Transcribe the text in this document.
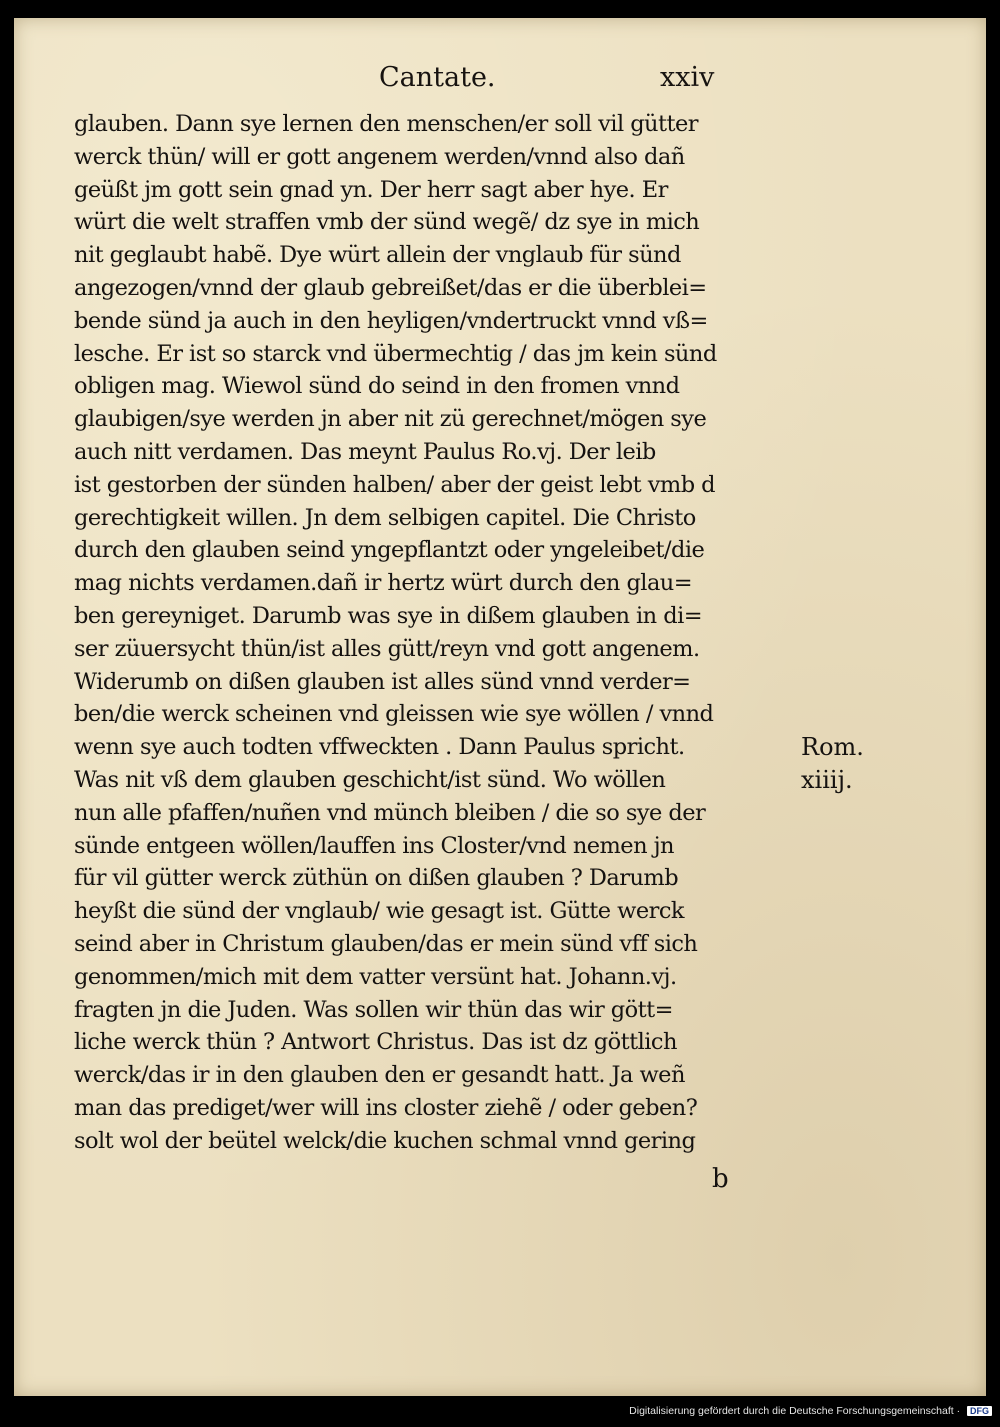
Cantate.	xxiv
glauben. Dann sye lernen den menschen/er soll vil gütter
werck thün/ will er gott angenem werden/vnnd also dañ
geüßt jm gott sein gnad yn. Der herr sagt aber hye. Er
würt die welt straffen vmb der sünd wegẽ/ dz sye in mich
nit geglaubt habẽ. Dye würt allein der vnglaub für sünd
angezogen/vnnd der glaub gebreißet/das er die überblei=
bende sünd ja auch in den heyligen/vndertruckt vnnd vß=
lesche. Er ist so starck vnd übermechtig / das jm kein sünd
obligen mag. Wiewol sünd do seind in den fromen vnnd
glaubigen/sye werden jn aber nit zü gerechnet/mögen sye
auch nitt verdamen. Das meynt Paulus Ro.vj. Der leib
ist gestorben der sünden halben/ aber der geist lebt vmb d
gerechtigkeit willen. Jn dem selbigen capitel. Die Christo
durch den glauben seind yngepflantzt oder yngeleibet/die
mag nichts verdamen.dañ ir hertz würt durch den glau=
ben gereyniget. Darumb was sye in dißem glauben in di=
ser züuersycht thün/ist alles gütt/reyn vnd gott angenem.
Widerumb on dißen glauben ist alles sünd vnnd verder=
ben/die werck scheinen vnd gleissen wie sye wöllen / vnnd
wenn sye auch todten vffweckten . Dann Paulus spricht.
Was nit vß dem glauben geschicht/ist sünd. Wo wöllen
nun alle pfaffen/nuñen vnd münch bleiben / die so sye der
sünde entgeen wöllen/lauffen ins Closter/vnd nemen jn
für vil gütter werck züthün on dißen glauben ? Darumb
heyßt die sünd der vnglaub/ wie gesagt ist. Gütte werck
seind aber in Christum glauben/das er mein sünd vff sich
genommen/mich mit dem vatter versünt hat. Johann.vj.
fragten jn die Juden. Was sollen wir thün das wir gött=
liche werck thün ? Antwort Christus. Das ist dz göttlich
werck/das ir in den glauben den er gesandt hatt. Ja weñ
man das prediget/wer will ins closter ziehẽ / oder geben?
solt wol der beütel welck/die kuchen schmal vnnd gering
Rom.
xiiij.
b
Digitalisierung gefördert durch die Deutsche Forschungsgemeinschaft · DFG
